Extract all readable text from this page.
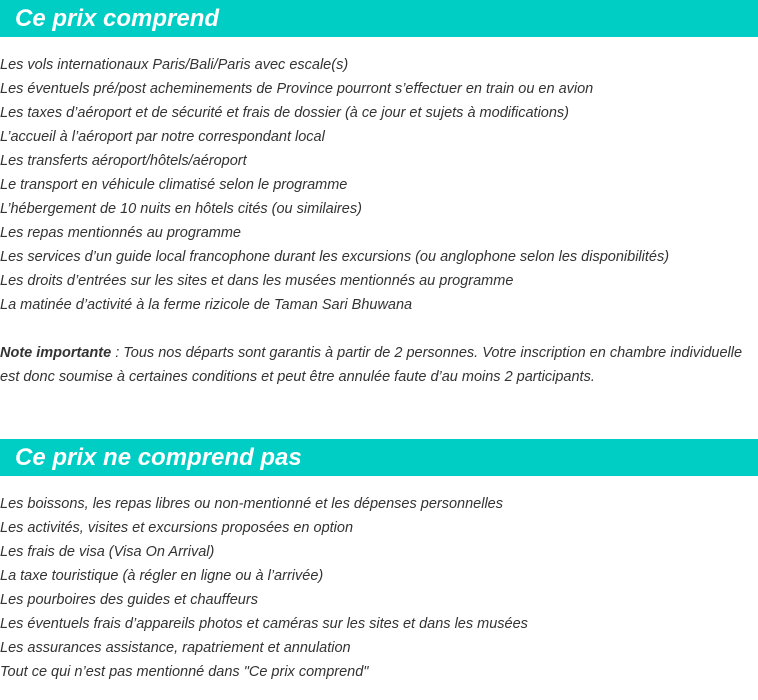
Ce prix comprend
Les vols internationaux Paris/Bali/Paris avec escale(s)
Les éventuels pré/post acheminements de Province pourront s’effectuer en train ou en avion
Les taxes d’aéroport et de sécurité et frais de dossier (à ce jour et sujets à modifications)
L’accueil à l’aéroport par notre correspondant local
Les transferts aéroport/hôtels/aéroport
Le transport en véhicule climatisé selon le programme
L’hébergement de 10 nuits en hôtels cités (ou similaires)
Les repas mentionnés au programme
Les services d’un guide local francophone durant les excursions (ou anglophone selon les disponibilités)
Les droits d’entrées sur les sites et dans les musées mentionnés au programme
La matinée d’activité à la ferme rizicole de Taman Sari Bhuwana

Note importante : Tous nos départs sont garantis à partir de 2 personnes. Votre inscription en chambre individuelle est donc soumise à certaines conditions et peut être annulée faute d’au moins 2 participants.

Ce prix ne comprend pas
Les boissons, les repas libres ou non-mentionné et les dépenses personnelles
Les activités, visites et excursions proposées en option
Les frais de visa (Visa On Arrival)
La taxe touristique (à régler en ligne ou à l’arrivée)
Les pourboires des guides et chauffeurs
Les éventuels frais d’appareils photos et caméras sur les sites et dans les musées
Les assurances assistance, rapatriement et annulation
Tout ce qui n’est pas mentionné dans "Ce prix comprend"
